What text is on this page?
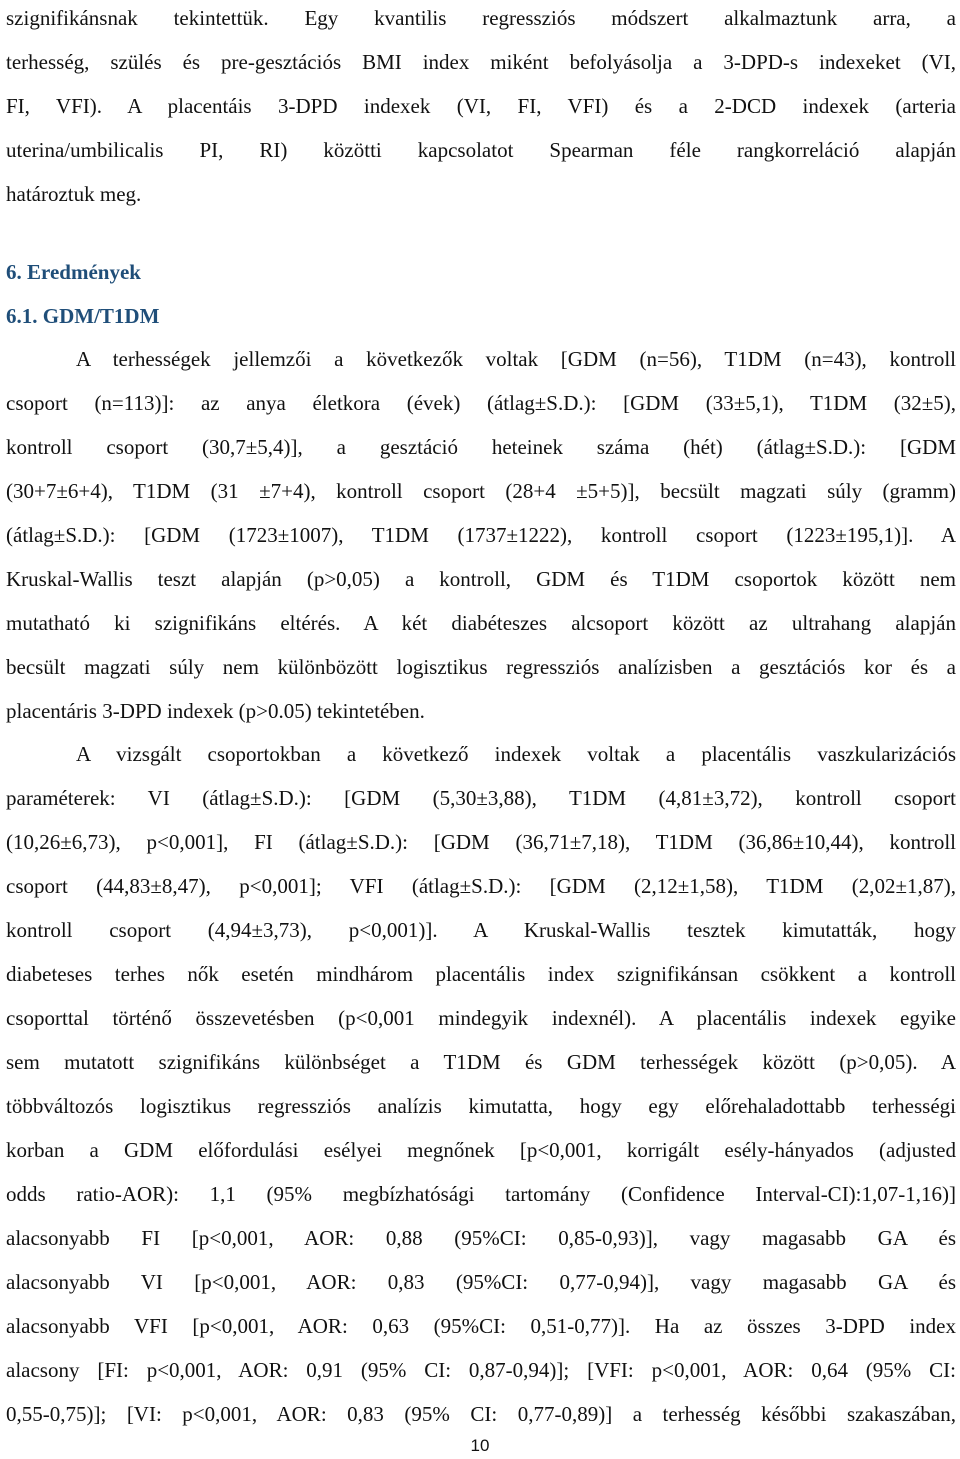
szignifikánsnak tekintettük. Egy kvantilis regressziós módszert alkalmaztunk arra, a
terhesség, szülés és pre-gesztációs BMI index miként befolyásolja a 3-DPD-s indexeket (VI,
FI, VFI). A placentáis 3-DPD indexek (VI, FI, VFI) és a 2-DCD indexek (arteria
uterina/umbilicalis PI, RI) közötti kapcsolatot Spearman féle rangkorreláció alapján
határoztuk meg.
6. Eredmények
6.1. GDM/T1DM
A terhességek jellemzői a következők voltak [GDM (n=56), T1DM (n=43), kontroll
csoport (n=113)]: az anya életkora (évek) (átlag±S.D.): [GDM (33±5,1), T1DM (32±5),
kontroll csoport (30,7±5,4)], a gesztáció heteinek száma (hét) (átlag±S.D.): [GDM
(30+7±6+4), T1DM (31 ±7+4), kontroll csoport (28+4 ±5+5)], becsült magzati súly (gramm)
(átlag±S.D.): [GDM (1723±1007), T1DM (1737±1222), kontroll csoport (1223±195,1)]. A
Kruskal-Wallis teszt alapján (p>0,05) a kontroll, GDM és T1DM csoportok között nem
mutatható ki szignifikáns eltérés. A két diabéteszes alcsoport között az ultrahang alapján
becsült magzati súly nem különbözött logisztikus regressziós analízisben a gesztációs kor és a
placentáris 3-DPD indexek (p>0.05) tekintetében.
A vizsgált csoportokban a következő indexek voltak a placentális vaszkularizációs
paraméterek: VI (átlag±S.D.): [GDM (5,30±3,88), T1DM (4,81±3,72), kontroll csoport
(10,26±6,73), p<0,001], FI (átlag±S.D.): [GDM (36,71±7,18), T1DM (36,86±10,44), kontroll
csoport (44,83±8,47), p<0,001]; VFI (átlag±S.D.): [GDM (2,12±1,58), T1DM (2,02±1,87),
kontroll csoport (4,94±3,73), p<0,001)]. A Kruskal-Wallis tesztek kimutatták, hogy
diabeteses terhes nők esetén mindhárom placentális index szignifikánsan csökkent a kontroll
csoporttal történő összevetésben (p<0,001 mindegyik indexnél). A placentális indexek egyike
sem mutatott szignifikáns különbséget a T1DM és GDM terhességek között (p>0,05). A
többváltozós logisztikus regressziós analízis kimutatta, hogy egy előrehaladottabb terhességi
korban a GDM előfordulási esélyei megnőnek [p<0,001, korrigált esély-hányados (adjusted
odds ratio-AOR): 1,1 (95% megbízhatósági tartomány (Confidence Interval-CI):1,07-1,16)]
alacsonyabb FI [p<0,001, AOR: 0,88 (95%CI: 0,85-0,93)], vagy magasabb GA és
alacsonyabb VI [p<0,001, AOR: 0,83 (95%CI: 0,77-0,94)], vagy magasabb GA és
alacsonyabb VFI [p<0,001, AOR: 0,63 (95%CI: 0,51-0,77)]. Ha az összes 3-DPD index
alacsony [FI: p<0,001, AOR: 0,91 (95% CI: 0,87-0,94)]; [VFI: p<0,001, AOR: 0,64 (95% CI:
0,55-0,75)]; [VI: p<0,001, AOR: 0,83 (95% CI: 0,77-0,89)] a terhesség későbbi szakaszában,
10
